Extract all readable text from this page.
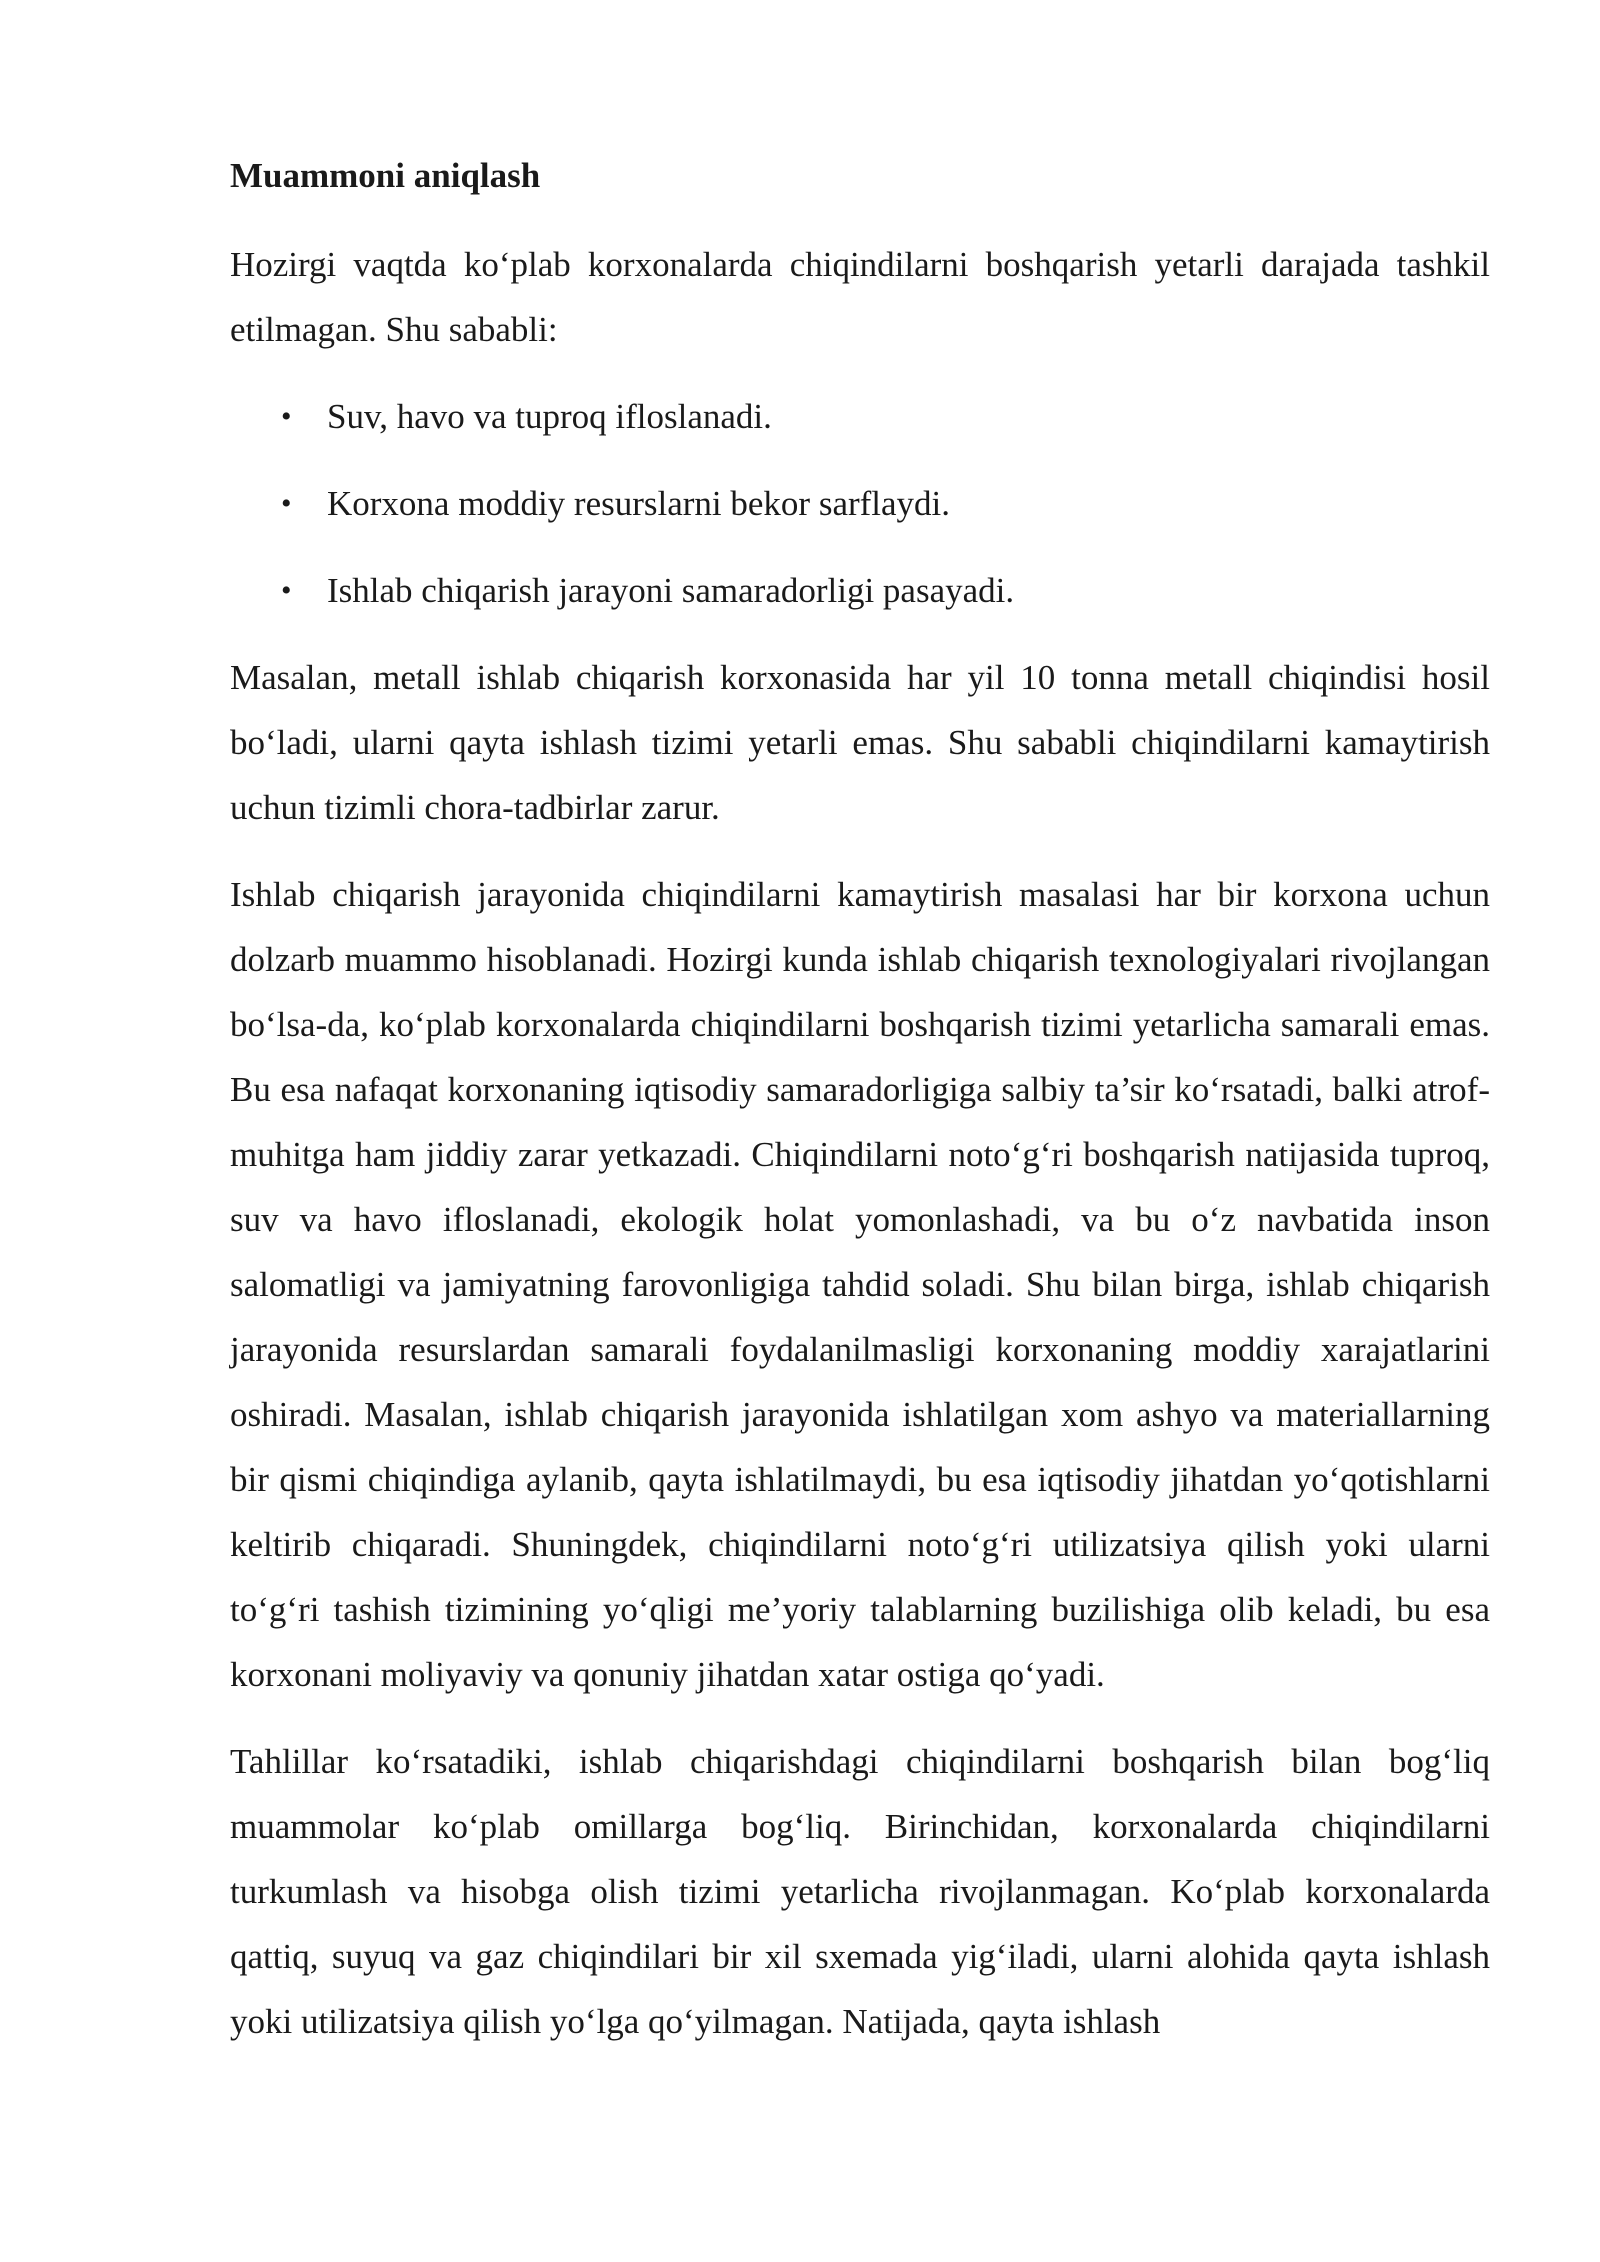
Muammoni aniqlash

Hozirgi vaqtda ko‘plab korxonalarda chiqindilarni boshqarish yetarli darajada tashkil etilmagan. Shu sababli:

• Suv, havo va tuproq ifloslanadi.
• Korxona moddiy resurslarni bekor sarflaydi.
• Ishlab chiqarish jarayoni samaradorligi pasayadi.

Masalan, metall ishlab chiqarish korxonasida har yil 10 tonna metall chiqindisi hosil bo‘ladi, ularni qayta ishlash tizimi yetarli emas. Shu sababli chiqindilarni kamaytirish uchun tizimli chora-tadbirlar zarur.

Ishlab chiqarish jarayonida chiqindilarni kamaytirish masalasi har bir korxona uchun dolzarb muammo hisoblanadi. Hozirgi kunda ishlab chiqarish texnologiyalari rivojlangan bo‘lsa-da, ko‘plab korxonalarda chiqindilarni boshqarish tizimi yetarlicha samarali emas. Bu esa nafaqat korxonaning iqtisodiy samaradorligiga salbiy ta’sir ko‘rsatadi, balki atrof-muhitga ham jiddiy zarar yetkazadi. Chiqindilarni noto‘g‘ri boshqarish natijasida tuproq, suv va havo ifloslanadi, ekologik holat yomonlashadi, va bu o‘z navbatida inson salomatligi va jamiyatning farovonligiga tahdid soladi. Shu bilan birga, ishlab chiqarish jarayonida resurslardan samarali foydalanilmasligi korxonaning moddiy xarajatlarini oshiradi. Masalan, ishlab chiqarish jarayonida ishlatilgan xom ashyo va materiallarning bir qismi chiqindiga aylanib, qayta ishlatilmaydi, bu esa iqtisodiy jihatdan yo‘qotishlarni keltirib chiqaradi. Shuningdek, chiqindilarni noto‘g‘ri utilizatsiya qilish yoki ularni to‘g‘ri tashish tizimining yo‘qligi me’yoriy talablarning buzilishiga olib keladi, bu esa korxonani moliyaviy va qonuniy jihatdan xatar ostiga qo‘yadi.

Tahlillar ko‘rsatadiki, ishlab chiqarishdagi chiqindilarni boshqarish bilan bog‘liq muammolar ko‘plab omillarga bog‘liq. Birinchidan, korxonalarda chiqindilarni turkumlash va hisobga olish tizimi yetarlicha rivojlanmagan. Ko‘plab korxonalarda qattiq, suyuq va gaz chiqindilari bir xil sxemada yig‘iladi, ularni alohida qayta ishlash yoki utilizatsiya qilish yo‘lga qo‘yilmagan. Natijada, qayta ishlash
